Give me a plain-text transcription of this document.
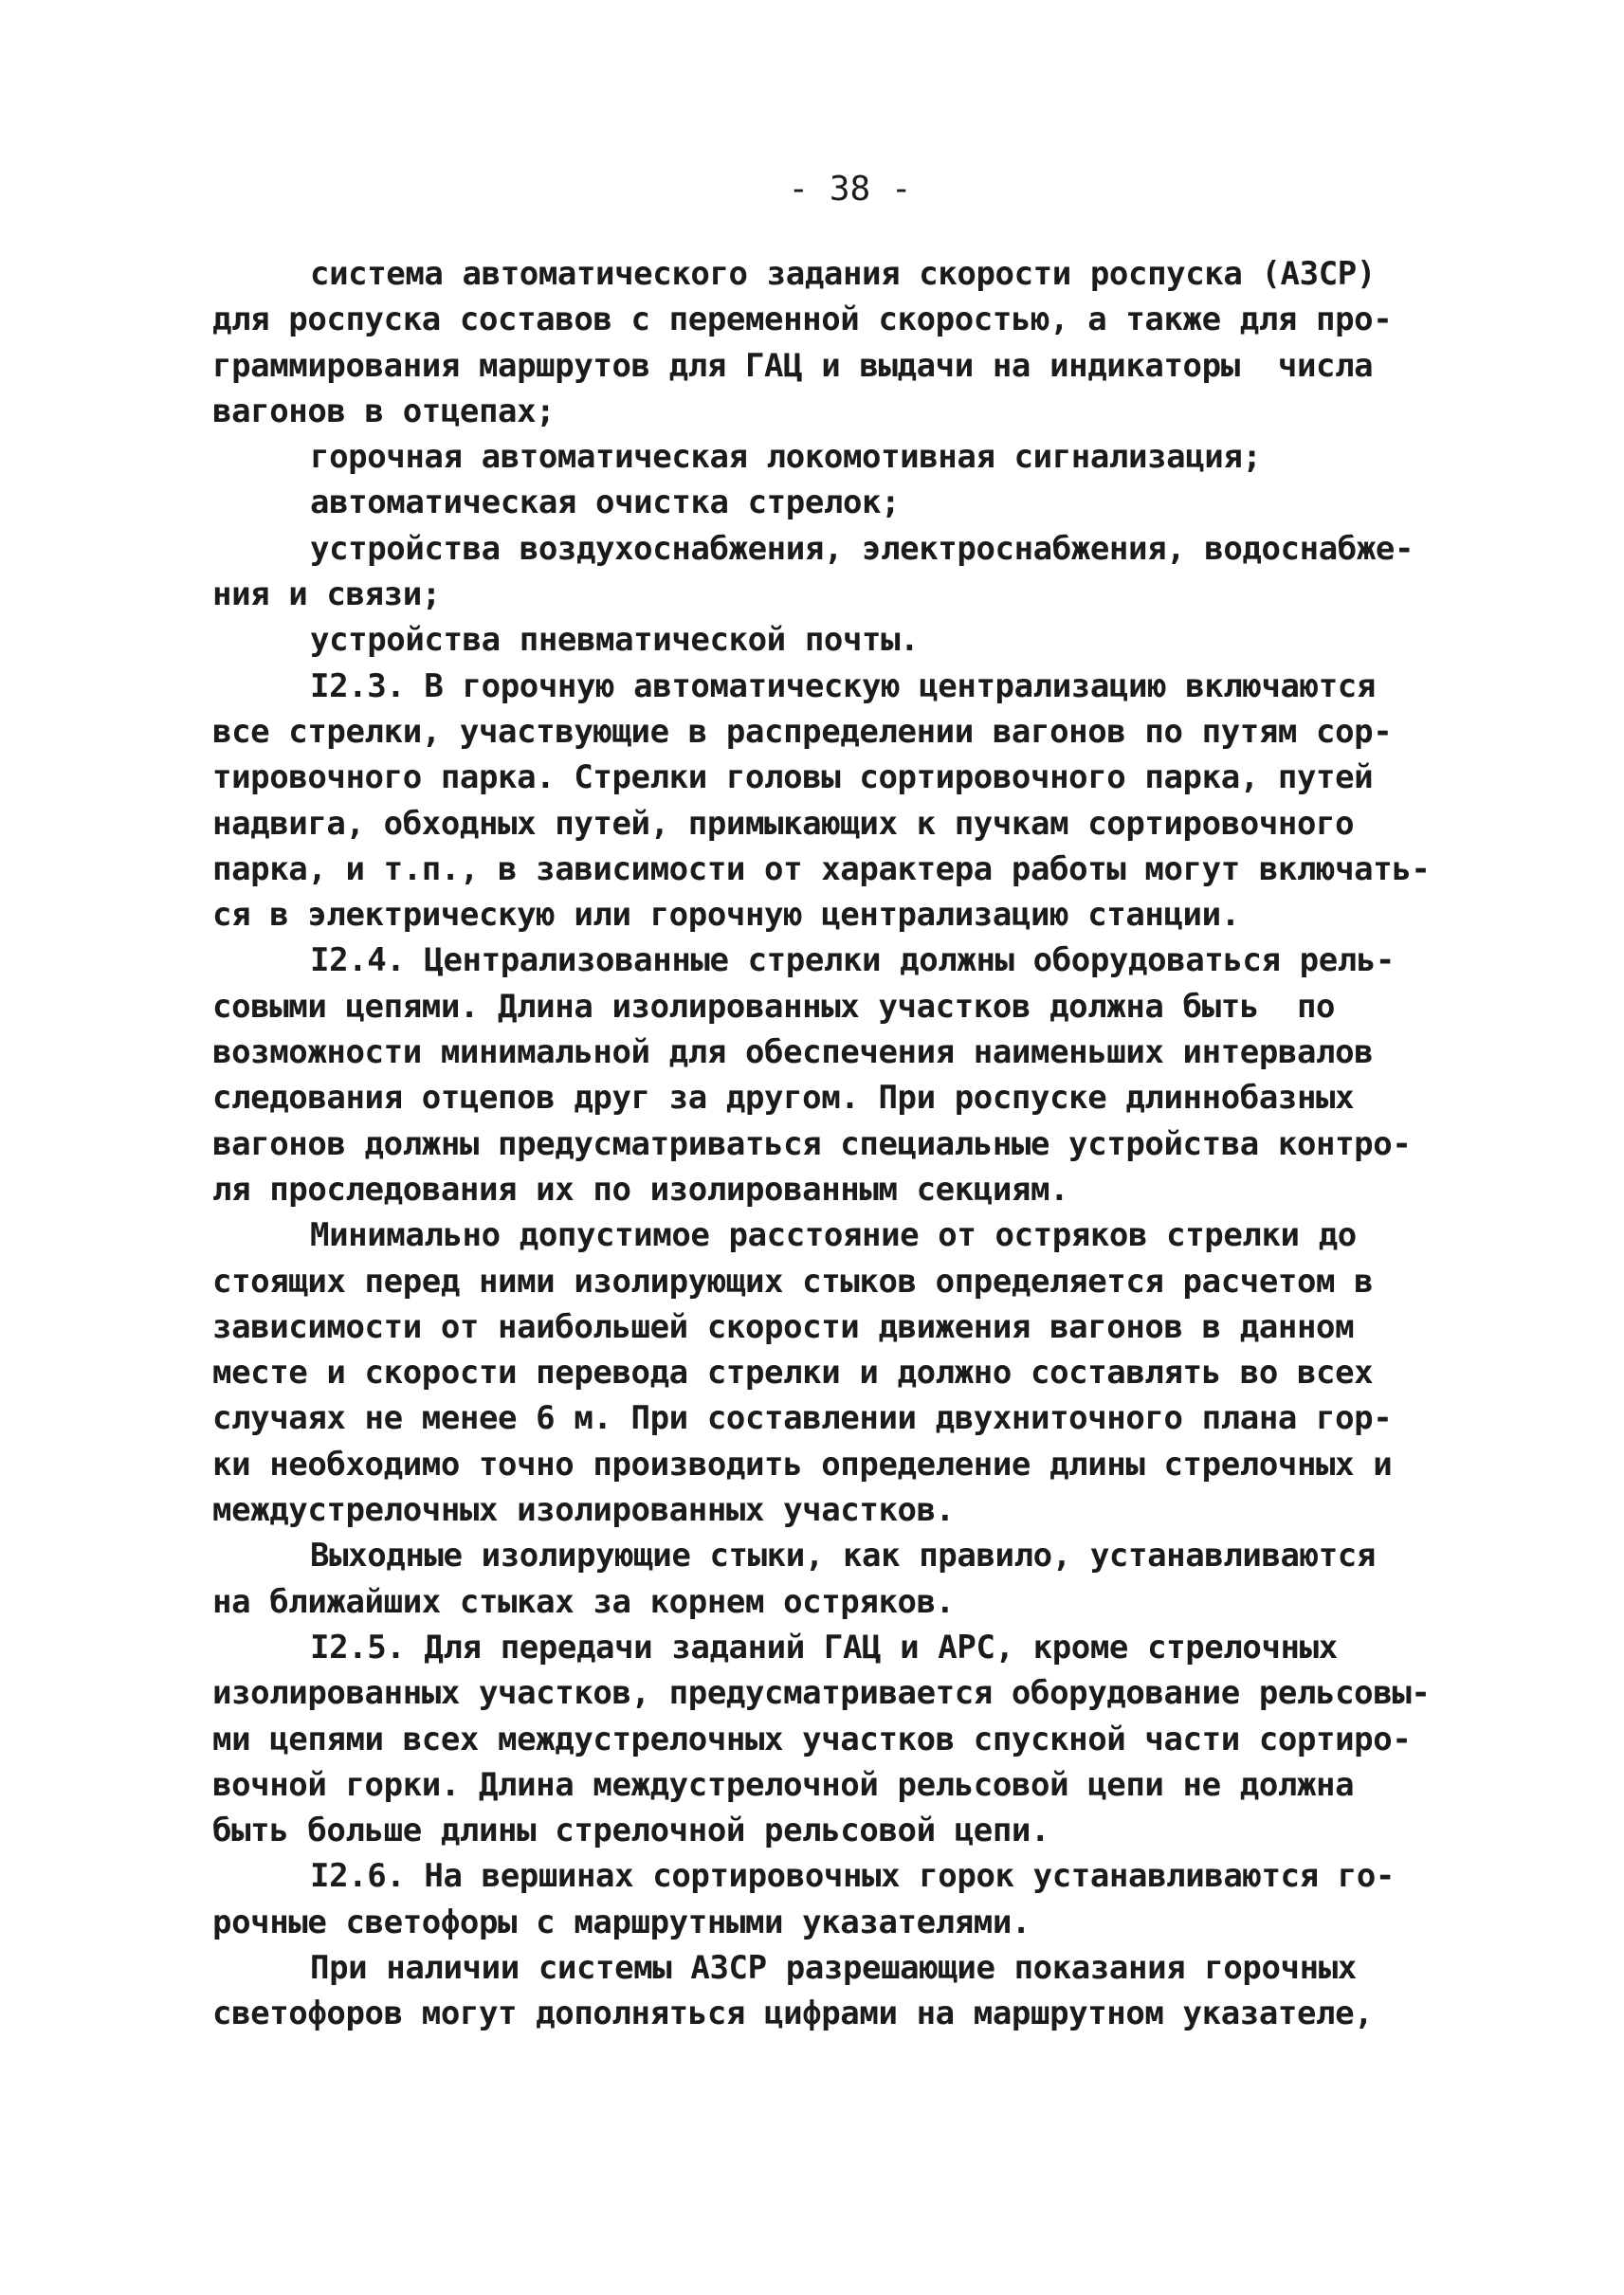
- 38 -
система автоматического задания скорости роспуска (АЗСР)
для роспуска составов с переменной скоростью, а также для про-
граммирования маршрутов для ГАЦ и выдачи на индикаторы  числа
вагонов в отцепах;
горочная автоматическая локомотивная сигнализация;
автоматическая очистка стрелок;
устройства воздухоснабжения, электроснабжения, водоснабже-
ния и связи;
устройства пневматической почты.
I2.3. В горочную автоматическую централизацию включаются
все стрелки, участвующие в распределении вагонов по путям сор-
тировочного парка. Стрелки головы сортировочного парка, путей
надвига, обходных путей, примыкающих к пучкам сортировочного
парка, и т.п., в зависимости от характера работы могут включать-
ся в электрическую или горочную централизацию станции.
I2.4. Централизованные стрелки должны оборудоваться рель-
совыми цепями. Длина изолированных участков должна быть  по
возможности минимальной для обеспечения наименьших интервалов
следования отцепов друг за другом. При роспуске длиннобазных
вагонов должны предусматриваться специальные устройства контро-
ля проследования их по изолированным секциям.
Минимально допустимое расстояние от остряков стрелки до
стоящих перед ними изолирующих стыков определяется расчетом в
зависимости от наибольшей скорости движения вагонов в данном
месте и скорости перевода стрелки и должно составлять во всех
случаях не менее 6 м. При составлении двухниточного плана гор-
ки необходимо точно производить определение длины стрелочных и
междустрелочных изолированных участков.
Выходные изолирующие стыки, как правило, устанавливаются
на ближайших стыках за корнем остряков.
I2.5. Для передачи заданий ГАЦ и АРС, кроме стрелочных
изолированных участков, предусматривается оборудование рельсовы-
ми цепями всех междустрелочных участков спускной части сортиро-
вочной горки. Длина междустрелочной рельсовой цепи не должна
быть больше длины стрелочной рельсовой цепи.
I2.6. На вершинах сортировочных горок устанавливаются го-
рочные светофоры с маршрутными указателями.
При наличии системы АЗСР разрешающие показания горочных
светофоров могут дополняться цифрами на маршрутном указателе,
